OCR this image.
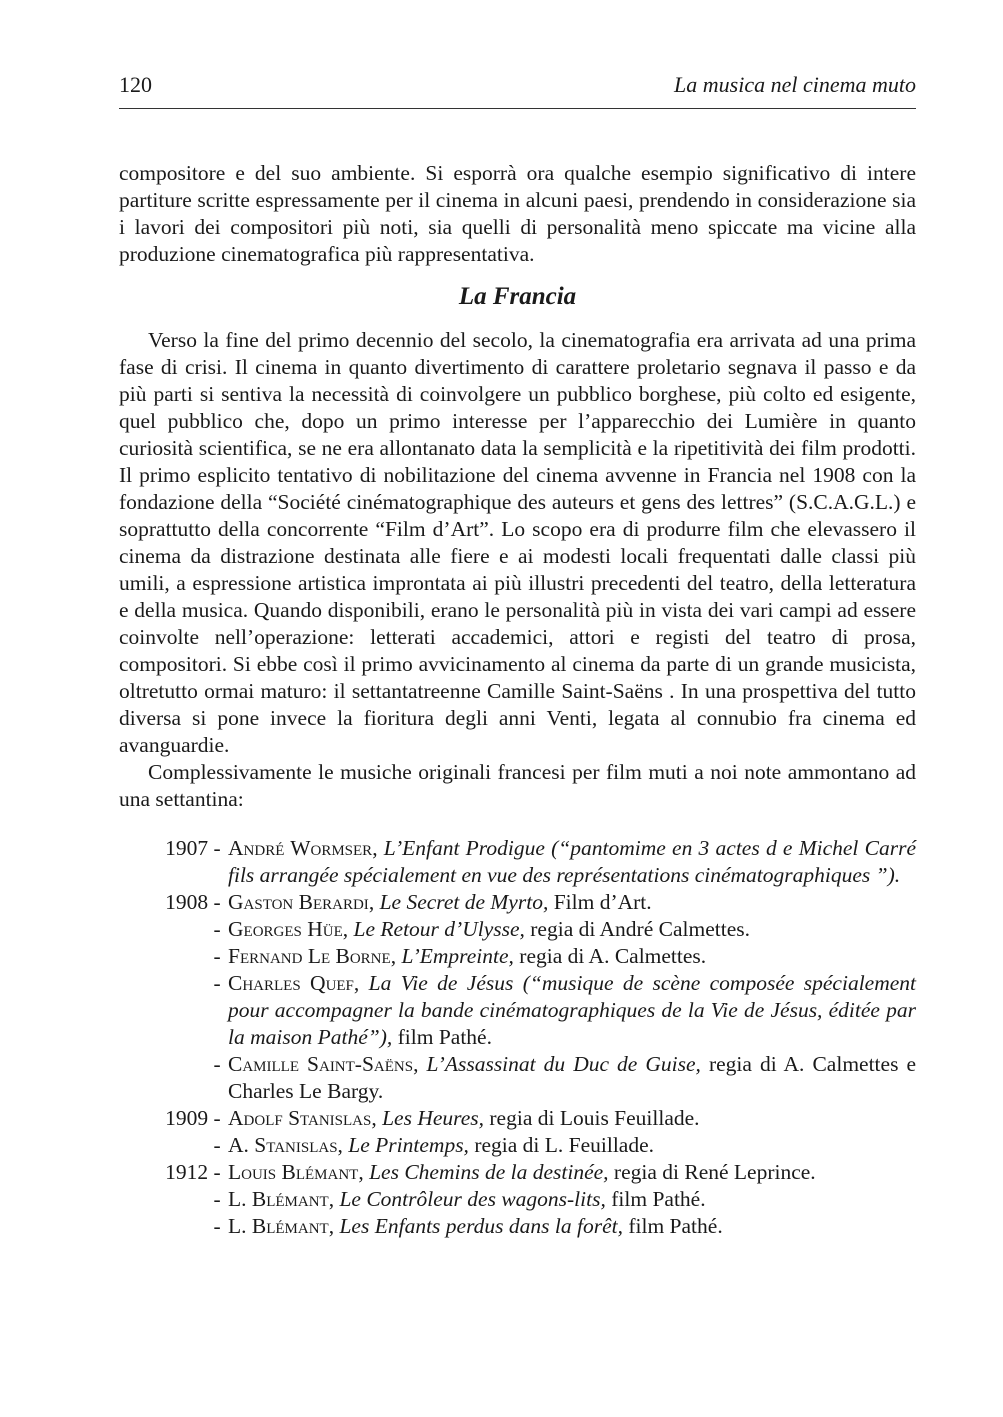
120	La musica nel cinema muto

compositore e del suo ambiente. Si esporrà ora qualche esempio significativo di intere partiture scritte espressamente per il cinema in alcuni paesi, prendendo in considerazione sia i lavori dei compositori più noti, sia quelli di personalità meno spiccate ma vicine alla produzione cinematografica più rappresentativa.

La Francia

Verso la fine del primo decennio del secolo, la cinematografia era arrivata ad una prima fase di crisi. Il cinema in quanto divertimento di carattere proletario segnava il passo e da più parti si sentiva la necessità di coinvolgere un pubblico borghese, più colto ed esigente, quel pubblico che, dopo un primo interesse per l’apparecchio dei Lumière in quanto curiosità scientifica, se ne era allontanato data la semplicità e la ripetitività dei film prodotti. Il primo esplicito tentativo di nobilitazione del cinema avvenne in Francia nel 1908 con la fondazione della “Société cinématographique des auteurs et gens des lettres” (S.C.A.G.L.) e soprattutto della concorrente “Film d’Art”. Lo scopo era di produrre film che elevassero il cinema da distrazione destinata alle fiere e ai modesti locali frequentati dalle classi più umili, a espressione artistica improntata ai più illustri precedenti del teatro, della letteratura e della musica. Quando disponibili, erano le personalità più in vista dei vari campi ad essere coinvolte nell’operazione: letterati accademici, attori e registi del teatro di prosa, compositori. Si ebbe così il primo avvicinamento al cinema da parte di un grande musicista, oltretutto ormai maturo: il settantatreenne Camille Saint-Saëns . In una prospettiva del tutto diversa si pone invece la fioritura degli anni Venti, legata al connubio fra cinema ed avanguardie.

Complessivamente le musiche originali francesi per film muti a noi note ammontano ad una settantina:

1907 - André Wormser, L’Enfant Prodigue (“pantomime en 3 actes d e Michel Carré fils arrangée spécialement en vue des représentations cinématographiques ”).
1908 - Gaston Berardi, Le Secret de Myrto, Film d’Art.
- Georges Hüe, Le Retour d’Ulysse, regia di André Calmettes.
- Fernand Le Borne, L’Empreinte, regia di A. Calmettes.
- Charles Quef, La Vie de Jésus (“musique de scène composée spécialement pour accompagner la bande cinématographiques de la Vie de Jésus, éditée par la maison Pathé”), film Pathé.
- Camille Saint-Saëns, L’Assassinat du Duc de Guise, regia di A. Calmettes e Charles Le Bargy.
1909 - Adolf Stanislas, Les Heures, regia di Louis Feuillade.
- A. Stanislas, Le Printemps, regia di L. Feuillade.
1912 - Louis Blémant, Les Chemins de la destinée, regia di René Leprince.
- L. Blémant, Le Contrôleur des wagons-lits, film Pathé.
- L. Blémant, Les Enfants perdus dans la forêt, film Pathé.
